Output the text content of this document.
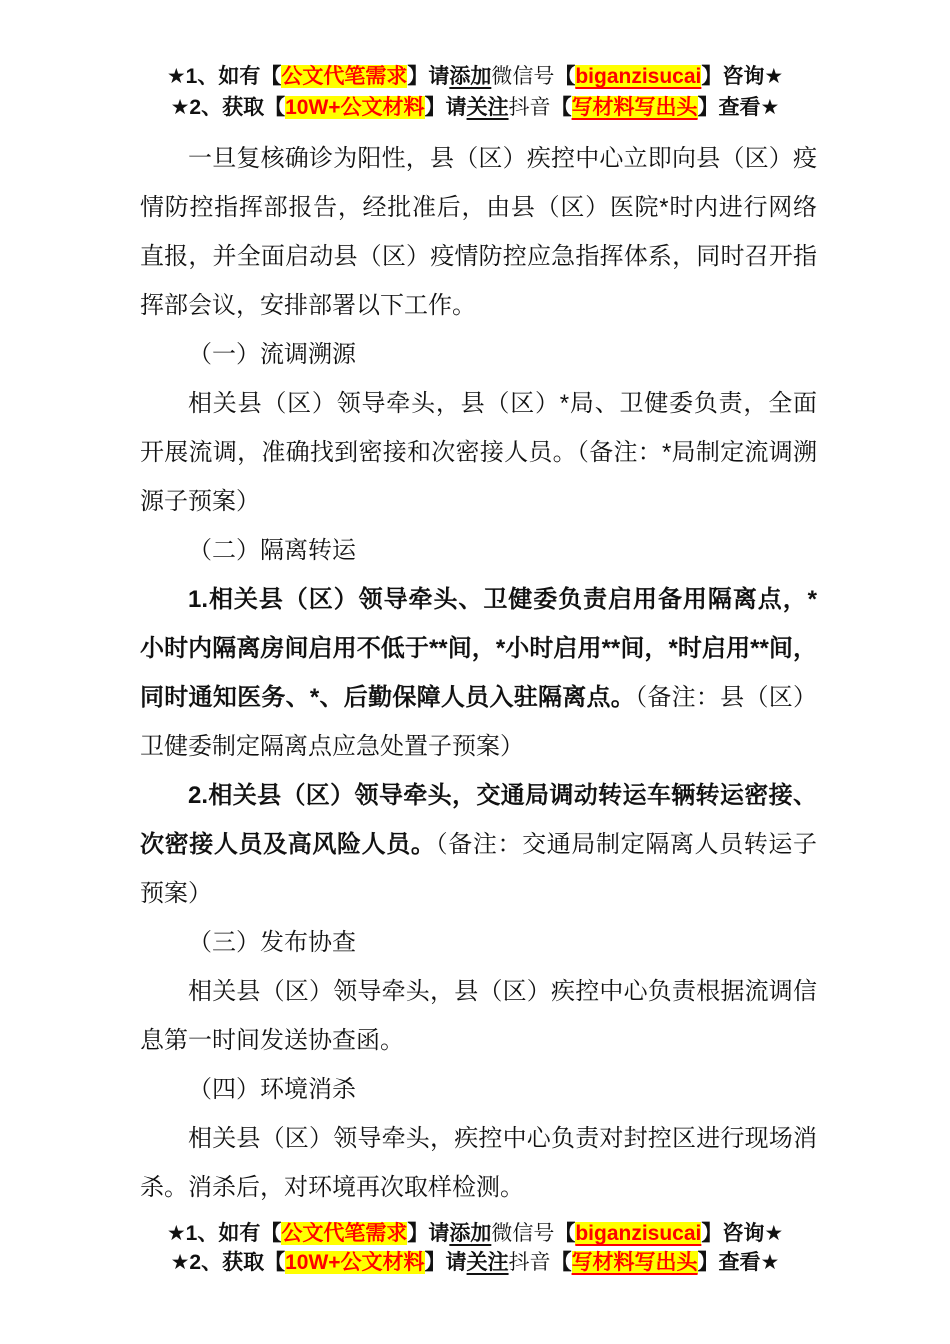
★1、如有【公文代笔需求】请添加微信号【biganzisucai】咨询★
★2、获取【10W+公文材料】请关注抖音【写材料写出头】查看★

一旦复核确诊为阳性，县（区）疾控中心立即向县（区）疫情防控指挥部报告，经批准后，由县（区）医院*时内进行网络直报，并全面启动县（区）疫情防控应急指挥体系，同时召开指挥部会议，安排部署以下工作。

（一）流调溯源

相关县（区）领导牵头，县（区）*局、卫健委负责，全面开展流调，准确找到密接和次密接人员。（备注：*局制定流调溯源子预案）

（二）隔离转运

1.相关县（区）领导牵头、卫健委负责启用备用隔离点，*小时内隔离房间启用不低于**间，*小时启用**间，*时启用**间，同时通知医务、*、后勤保障人员入驻隔离点。（备注：县（区）卫健委制定隔离点应急处置子预案）

2.相关县（区）领导牵头，交通局调动转运车辆转运密接、次密接人员及高风险人员。（备注：交通局制定隔离人员转运子预案）

（三）发布协查

相关县（区）领导牵头，县（区）疾控中心负责根据流调信息第一时间发送协查函。

（四）环境消杀

相关县（区）领导牵头，疾控中心负责对封控区进行现场消杀。消杀后，对环境再次取样检测。

★1、如有【公文代笔需求】请添加微信号【biganzisucai】咨询★
★2、获取【10W+公文材料】请关注抖音【写材料写出头】查看★
